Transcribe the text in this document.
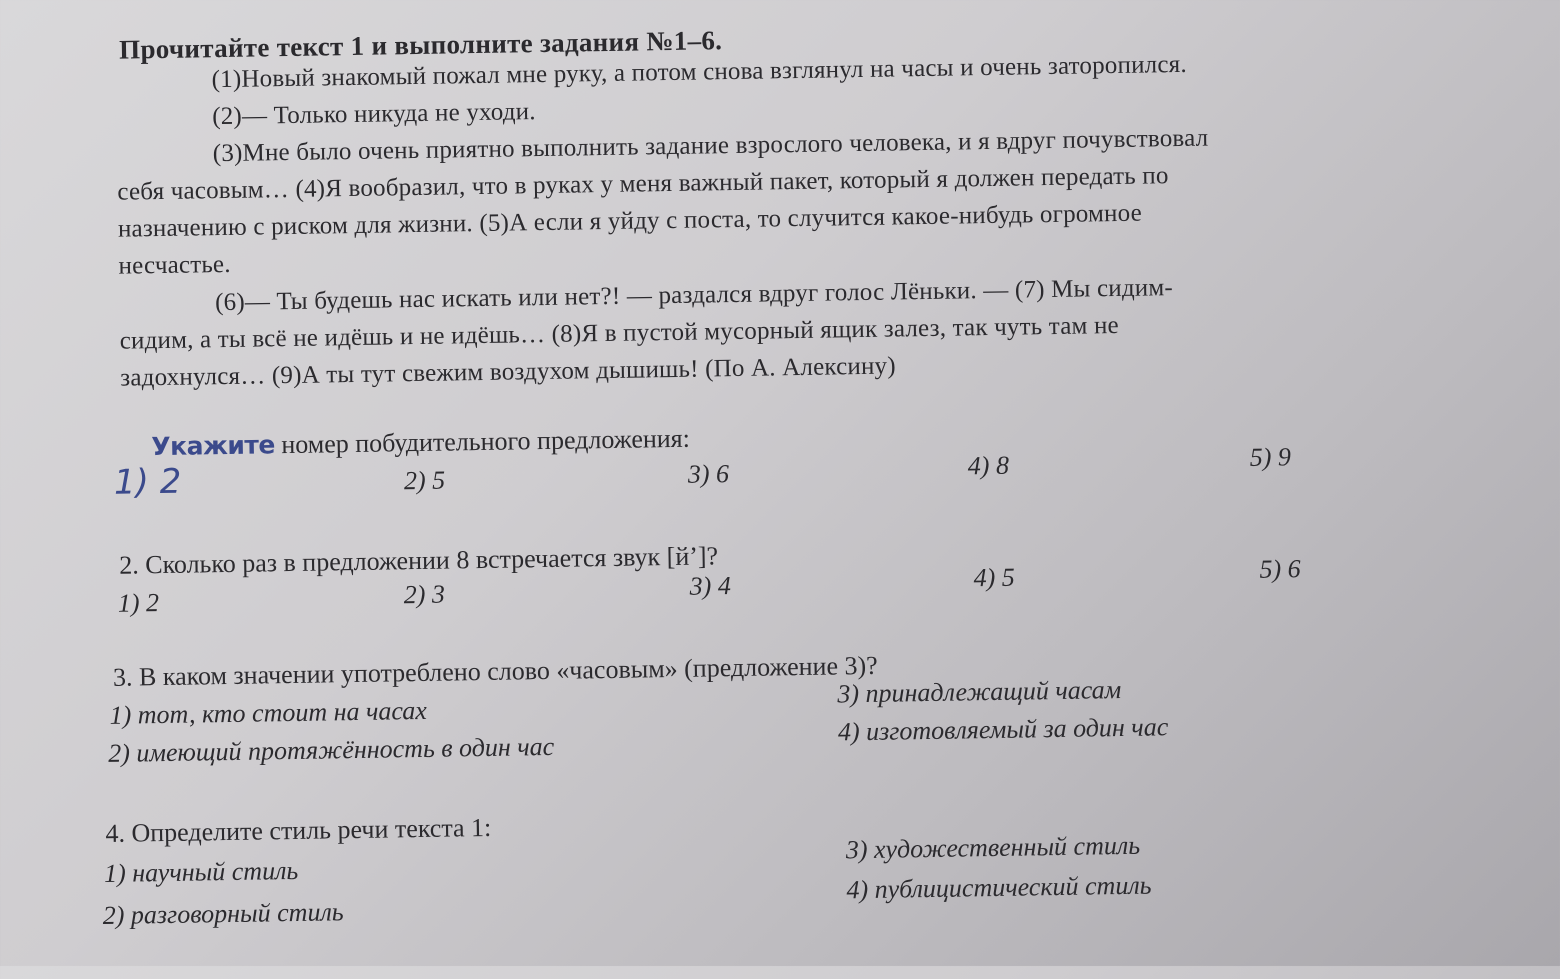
Прочитайте текст 1 и выполните задания №1–6.
(1)Новый знакомый пожал мне руку, а потом снова взглянул на часы и очень заторопился.
(2)— Только никуда не уходи.
(3)Мне было очень приятно выполнить задание взрослого человека, и я вдруг почувствовал
себя часовым… (4)Я вообразил, что в руках у меня важный пакет, который я должен передать по
назначению с риском для жизни. (5)А если я уйду с поста, то случится какое-нибудь огромное
несчастье.
(6)— Ты будешь нас искать или нет?! — раздался вдруг голос Лёньки. — (7) Мы сидим-
сидим, а ты всё не идёшь и не идёшь… (8)Я в пустой мусорный ящик залез, так чуть там не
задохнулся… (9)А ты тут свежим воздухом дышишь! (По А. Алексину)
Укажите номер побудительного предложения:
1) 2	2) 5	3) 6	4) 8	5) 9
2. Сколько раз в предложении 8 встречается звук [й’]?
1) 2	2) 3	3) 4	4) 5	5) 6
3. В каком значении употреблено слово «часовым» (предложение 3)?
1) тот, кто стоит на часах
2) имеющий протяжённость в один час
3) принадлежащий часам
4) изготовляемый за один час
4. Определите стиль речи текста 1:
1) научный стиль
2) разговорный стиль
3) художественный стиль
4) публицистический стиль
